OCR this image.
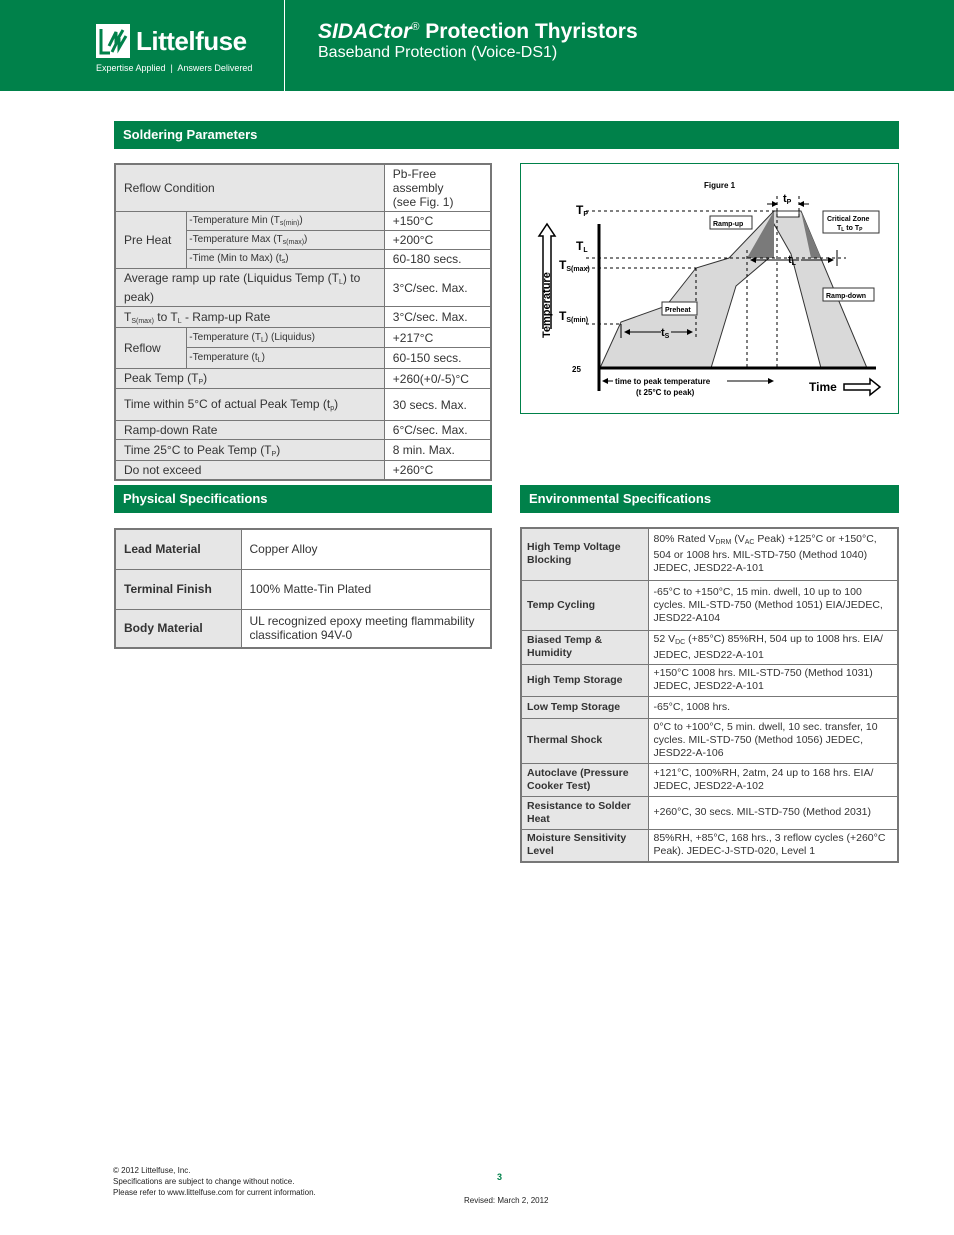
Littelfuse
Expertise Applied  |  Answers Delivered
SIDACtor® Protection Thyristors
Baseband Protection (Voice-DS1)
Soldering Parameters
Reflow Condition		Pb-Free assembly
(see Fig. 1)
Pre Heat	-Temperature Min $(T_{s(min)})$	+150°C
	-Temperature Max $(T_{s(max)})$	+200°C
	-Time (Min to Max) $(t_s)$	60-180 secs.
Average ramp up rate (Liquidus Temp (TL) to peak)		3°C/sec. Max.
TS(max) to TL - Ramp-up Rate		3°C/sec. Max.
Reflow	-Temperature $(T_L)$ (Liquidus)	+217°C
	-Temperature $(t_L)$	60-150 secs.
Peak Temp (TP)		+260(+0/-5)°C
Time within 5°C of actual Peak Temp (tp)		30 secs. Max.
Ramp-down Rate		6°C/sec. Max.
Time 25°C to Peak Temp (TP)		8 min. Max.
Do not exceed		+260°C
Figure 1
Temperature
Time
TP
TL
TS(max)
TS(min)
25
tP
tL
tS
Ramp-up
Ramp-down
Preheat
Critical Zone
TL to TP
time to peak temperature
(t 25°C to peak)
Physical Specifications
Lead Material	Copper Alloy
Terminal Finish	100% Matte-Tin Plated
Body Material	UL recognized epoxy meeting flammability classification 94V-0
Environmental Specifications
High Temp Voltage Blocking	80% Rated VDRM (VAC Peak) +125°C or +150°C, 504 or 1008 hrs. MIL-STD-750 (Method 1040) JEDEC, JESD22-A-101
Temp Cycling	-65°C to +150°C, 15 min. dwell, 10 up to 100 cycles. MIL-STD-750 (Method 1051) EIA/JEDEC, JESD22-A104
Biased Temp & Humidity	52 VDC (+85°C) 85%RH, 504 up to 1008 hrs. EIA/ JEDEC, JESD22-A-101
High Temp Storage	+150°C 1008 hrs. MIL-STD-750 (Method 1031) JEDEC, JESD22-A-101
Low Temp Storage	-65°C, 1008 hrs.
Thermal Shock	0°C to +100°C, 5 min. dwell, 10 sec. transfer, 10 cycles. MIL-STD-750 (Method 1056) JEDEC, JESD22-A-106
Autoclave (Pressure Cooker Test)	+121°C, 100%RH, 2atm, 24 up to 168 hrs. EIA/ JEDEC, JESD22-A-102
Resistance to Solder Heat	+260°C, 30 secs. MIL-STD-750 (Method 2031)
Moisture Sensitivity Level	85%RH, +85°C, 168 hrs., 3 reflow cycles (+260°C Peak). JEDEC-J-STD-020, Level 1
© 2012 Littelfuse, Inc.
Specifications are subject to change without notice.
Please refer to www.littelfuse.com for current information.
3
Revised: March 2, 2012
